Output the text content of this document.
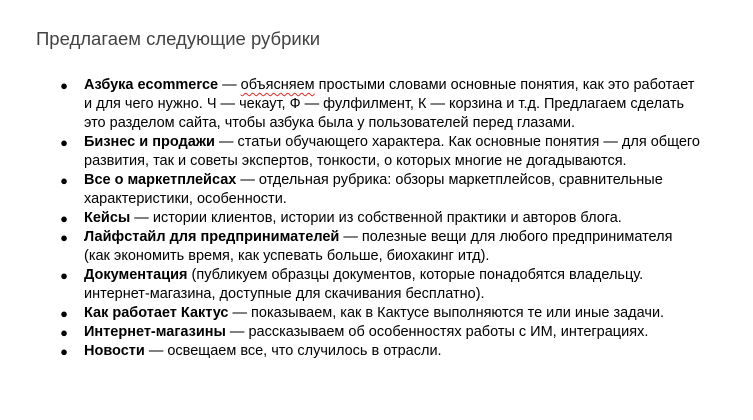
Предлагаем следующие рубрики
● Азбука ecommerce — объясняем простыми словами основные понятия, как это работает и для чего нужно. Ч — чекаут, Ф — фулфилмент, К — корзина и т.д. Предлагаем сделать это разделом сайта, чтобы азбука была у пользователей перед глазами.
● Бизнес и продажи — статьи обучающего характера. Как основные понятия — для общего развития, так и советы экспертов, тонкости, о которых многие не догадываются.
● Все о маркетплейсах — отдельная рубрика: обзоры маркетплейсов, сравнительные характеристики, особенности.
● Кейсы — истории клиентов, истории из собственной практики и авторов блога.
● Лайфстайл для предпринимателей — полезные вещи для любого предпринимателя (как экономить время, как успевать больше, биохакинг итд).
● Документация (публикуем образцы документов, которые понадобятся владельцу. интернет-магазина, доступные для скачивания бесплатно).
● Как работает Кактус — показываем, как в Кактусе выполняются те или иные задачи.
● Интернет-магазины — рассказываем об особенностях работы с ИМ, интеграциях.
● Новости — освещаем все, что случилось в отрасли.
